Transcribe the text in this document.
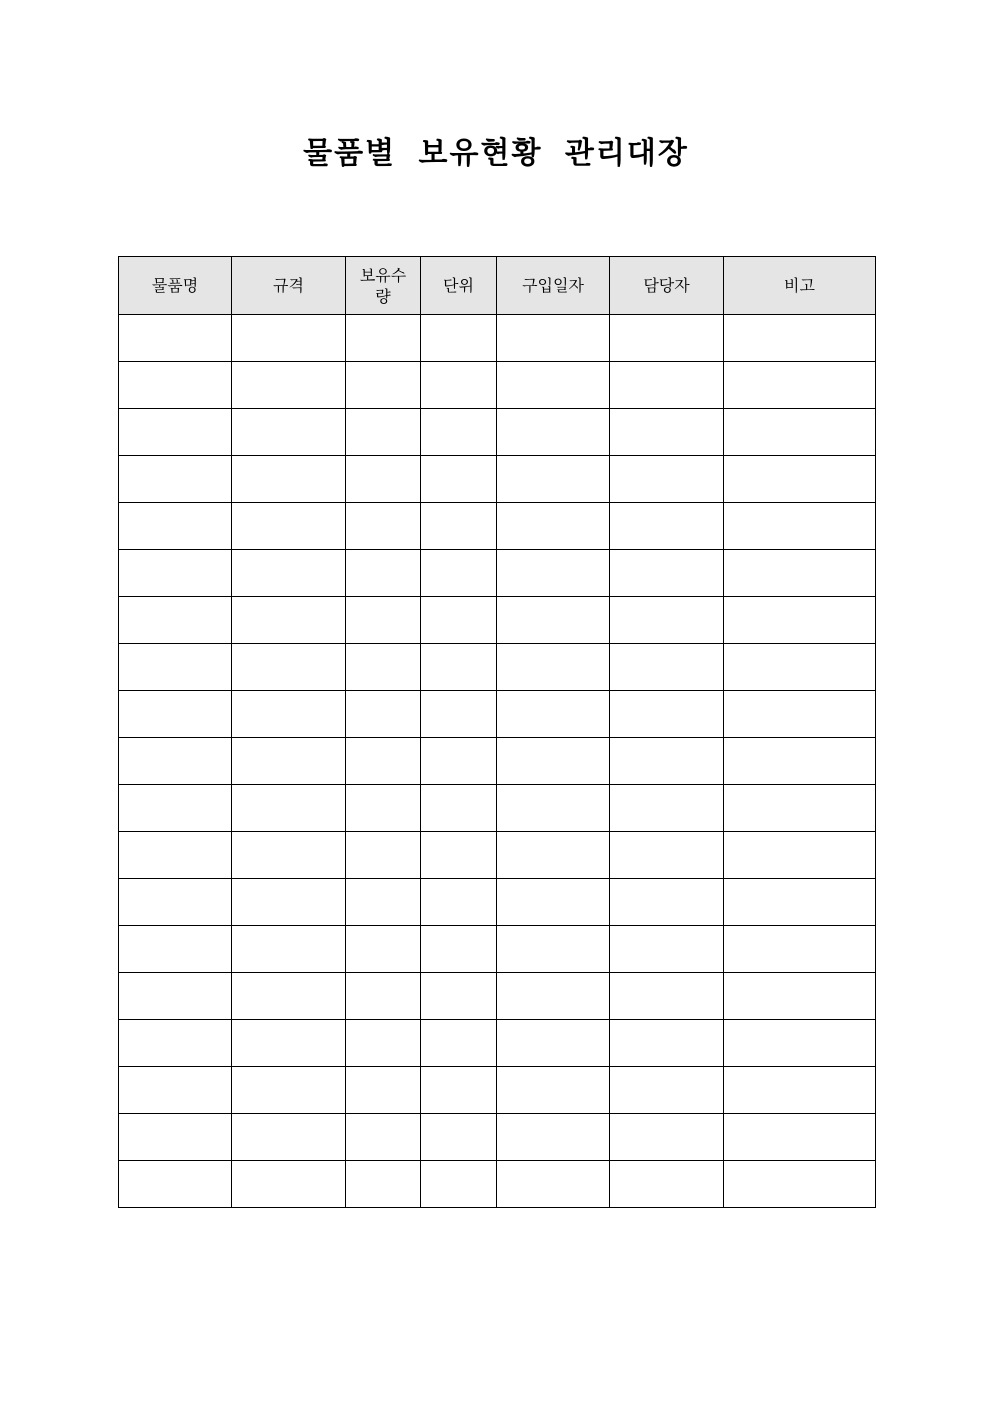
물품별 보유현황 관리대장
물품명	규격	보유수량	단위	구입일자	담당자	비고
